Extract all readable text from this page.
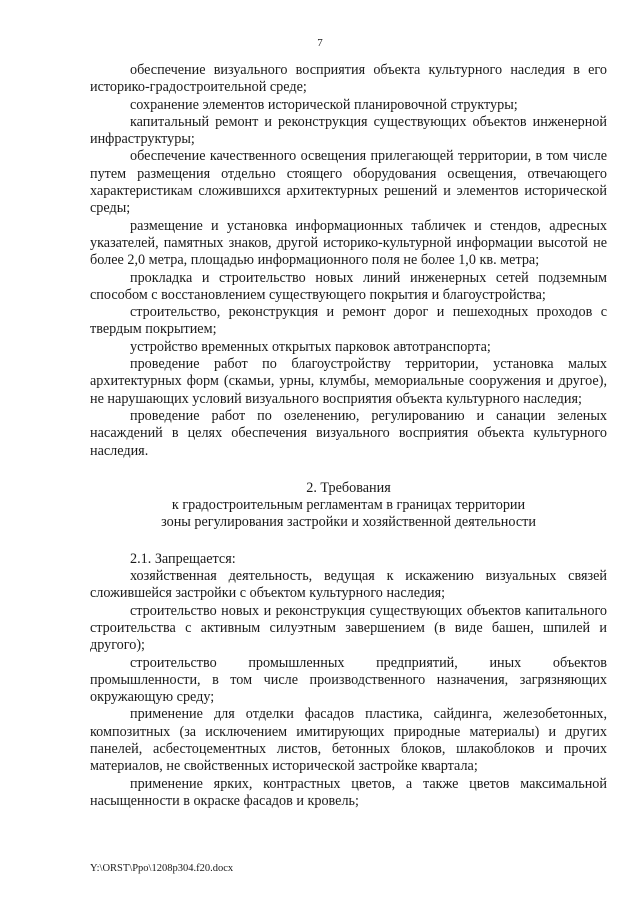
7

обеспечение визуального восприятия объекта культурного наследия в его историко-градостроительной среде;

сохранение элементов исторической планировочной структуры;

капитальный ремонт и реконструкция существующих объектов инженерной инфраструктуры;

обеспечение качественного освещения прилегающей территории, в том числе путем размещения отдельно стоящего оборудования освещения, отвечающего характеристикам сложившихся архитектурных решений и элементов исторической среды;

размещение и установка информационных табличек и стендов, адресных указателей, памятных знаков, другой историко-культурной информации высотой не более 2,0 метра, площадью информационного поля не более 1,0 кв. метра;

прокладка и строительство новых линий инженерных сетей подземным способом с восстановлением существующего покрытия и благоустройства;

строительство, реконструкция и ремонт дорог и пешеходных проходов с твердым покрытием;

устройство временных открытых парковок автотранспорта;

проведение работ по благоустройству территории, установка малых архитектурных форм (скамьи, урны, клумбы, мемориальные сооружения и другое), не нарушающих условий визуального восприятия объекта культурного наследия;

проведение работ по озеленению, регулированию и санации зеленых насаждений в целях обеспечения визуального восприятия объекта культурного наследия.

2. Требования

к градостроительным регламентам в границах территории

зоны регулирования застройки и хозяйственной деятельности

2.1. Запрещается:

хозяйственная деятельность, ведущая к искажению визуальных связей сложившейся застройки с объектом культурного наследия;

строительство новых и реконструкция существующих объектов капитального строительства с активным силуэтным завершением (в виде башен, шпилей и другого);

строительство промышленных предприятий, иных объектов промышленности, в том числе производственного назначения, загрязняющих окружающую среду;

применение для отделки фасадов пластика, сайдинга, железобетонных, композитных (за исключением имитирующих природные материалы) и других панелей, асбестоцементных листов, бетонных блоков, шлакоблоков и прочих материалов, не свойственных исторической застройке квартала;

применение ярких, контрастных цветов, а также цветов максимальной насыщенности в окраске фасадов и кровель;

Y:\ORST\Ppo\1208p304.f20.docx
